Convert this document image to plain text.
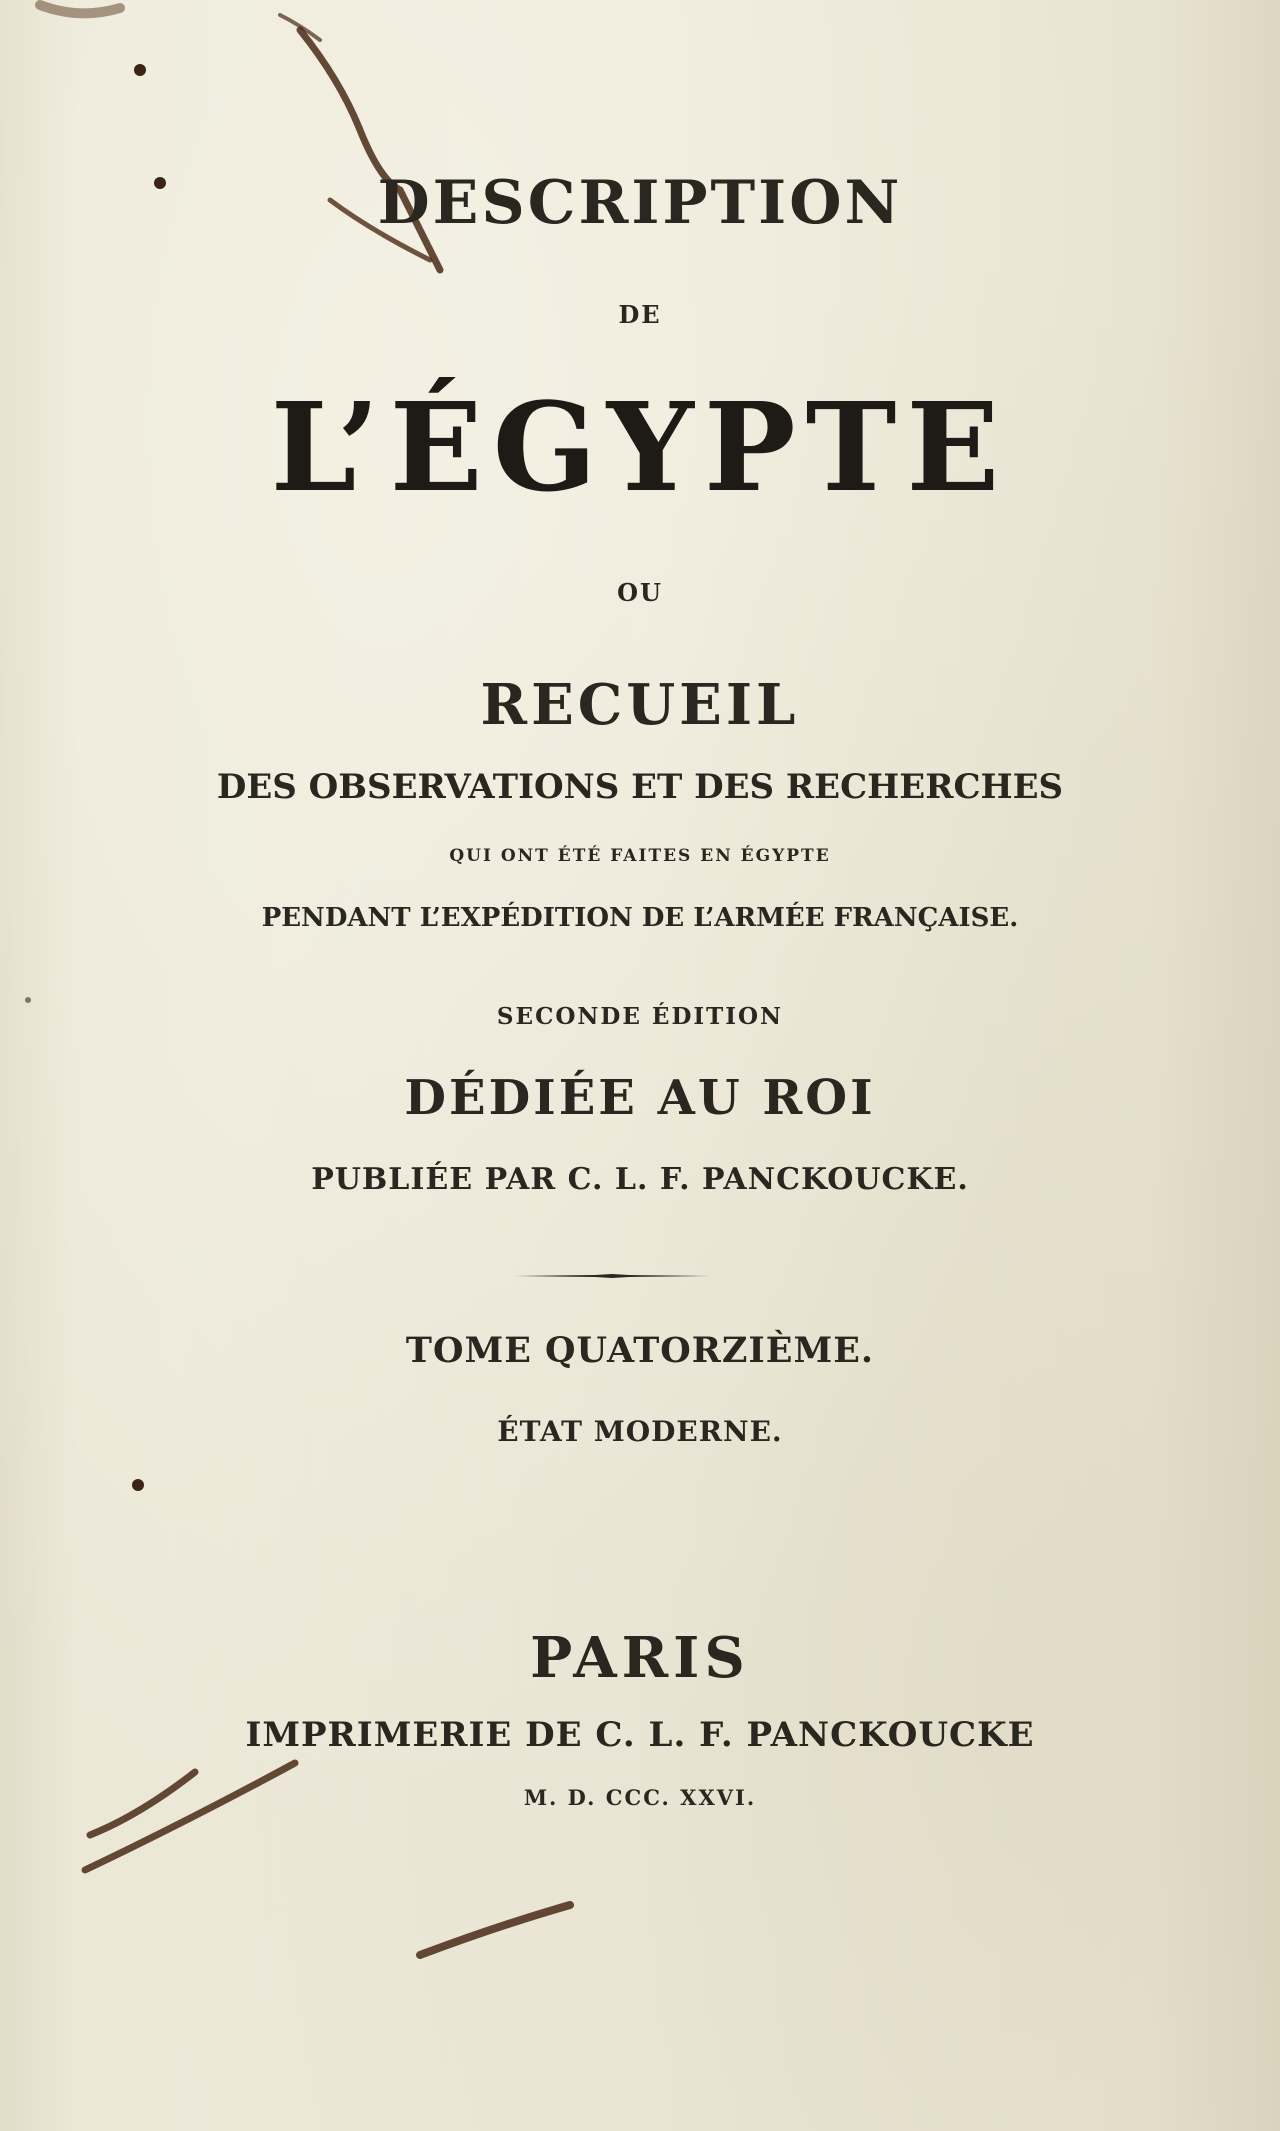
DESCRIPTION
DE
L’ÉGYPTE
OU
RECUEIL
DES OBSERVATIONS ET DES RECHERCHES
QUI ONT ÉTÉ FAITES EN ÉGYPTE
PENDANT L’EXPÉDITION DE L’ARMÉE FRANÇAISE.
SECONDE ÉDITION
DÉDIÉE AU ROI
PUBLIÉE PAR C. L. F. PANCKOUCKE.
TOME QUATORZIÈME.
ÉTAT MODERNE.
PARIS
IMPRIMERIE DE C. L. F. PANCKOUCKE
M. D. CCC. XXVI.
